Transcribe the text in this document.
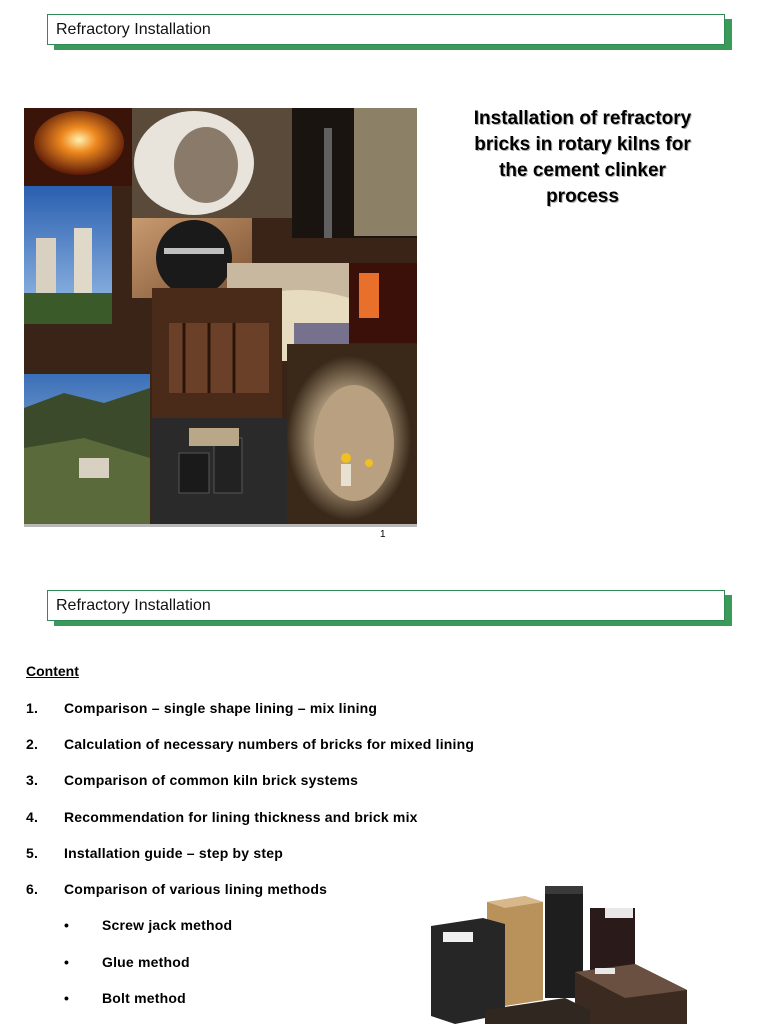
Refractory Installation
Installation of refractory
bricks in rotary kilns for
the cement clinker
process
1
Refractory Installation
Content
1. Comparison – single shape lining – mix lining
2. Calculation of necessary numbers of bricks for mixed lining
3. Comparison of common kiln brick systems
4. Recommendation for lining thickness and brick mix
5. Installation guide – step by step
6. Comparison of various lining methods
• Screw jack method
• Glue method
• Bolt method
